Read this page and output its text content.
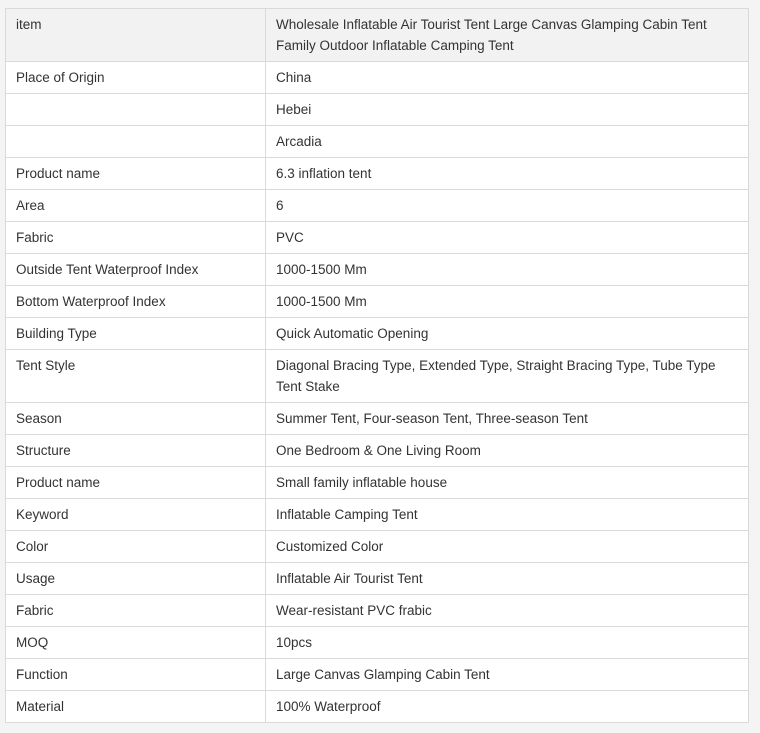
item	Wholesale Inflatable Air Tourist Tent Large Canvas Glamping Cabin Tent Family Outdoor Inflatable Camping Tent
Place of Origin	China
	Hebei
	Arcadia
Product name	6.3 inflation tent
Area	6
Fabric	PVC
Outside Tent Waterproof Index	1000-1500 Mm
Bottom Waterproof Index	1000-1500 Mm
Building Type	Quick Automatic Opening
Tent Style	Diagonal Bracing Type, Extended Type, Straight Bracing Type, Tube Type Tent Stake
Season	Summer Tent, Four-season Tent, Three-season Tent
Structure	One Bedroom & One Living Room
Product name	Small family inflatable house
Keyword	Inflatable Camping Tent
Color	Customized Color
Usage	Inflatable Air Tourist Tent
Fabric	Wear-resistant PVC frabic
MOQ	10pcs
Function	Large Canvas Glamping Cabin Tent
Material	100% Waterproof
